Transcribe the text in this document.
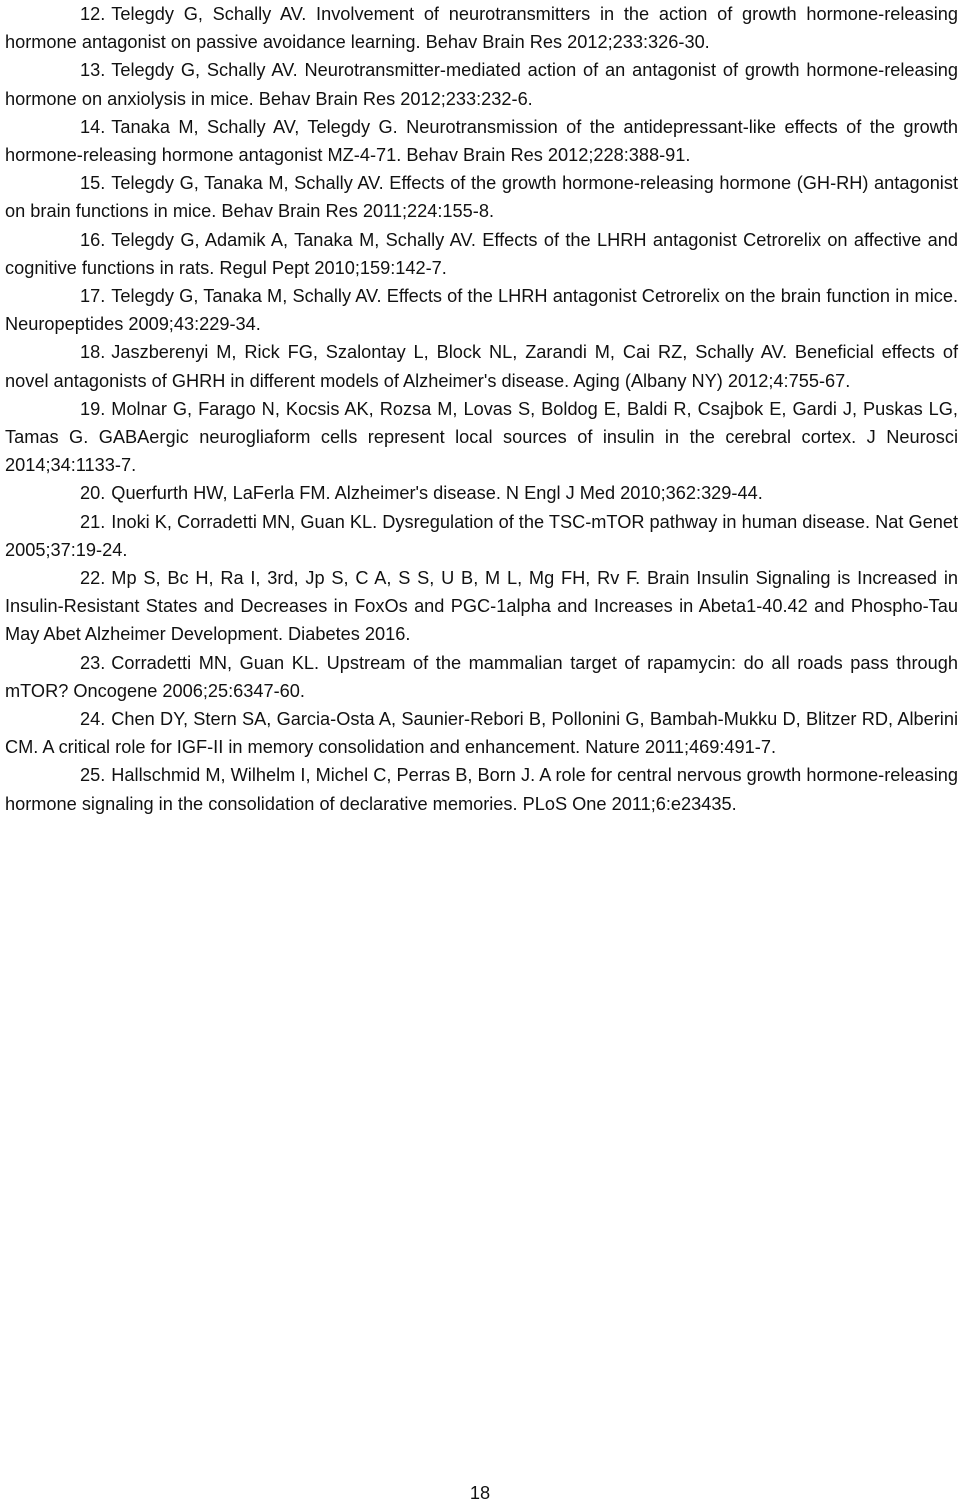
12. Telegdy G, Schally AV. Involvement of neurotransmitters in the action of growth hormone-releasing hormone antagonist on passive avoidance learning. Behav Brain Res 2012;233:326-30.
13. Telegdy G, Schally AV. Neurotransmitter-mediated action of an antagonist of growth hormone-releasing hormone on anxiolysis in mice. Behav Brain Res 2012;233:232-6.
14. Tanaka M, Schally AV, Telegdy G. Neurotransmission of the antidepressant-like effects of the growth hormone-releasing hormone antagonist MZ-4-71. Behav Brain Res 2012;228:388-91.
15. Telegdy G, Tanaka M, Schally AV. Effects of the growth hormone-releasing hormone (GH-RH) antagonist on brain functions in mice. Behav Brain Res 2011;224:155-8.
16. Telegdy G, Adamik A, Tanaka M, Schally AV. Effects of the LHRH antagonist Cetrorelix on affective and cognitive functions in rats. Regul Pept 2010;159:142-7.
17. Telegdy G, Tanaka M, Schally AV. Effects of the LHRH antagonist Cetrorelix on the brain function in mice. Neuropeptides 2009;43:229-34.
18. Jaszberenyi M, Rick FG, Szalontay L, Block NL, Zarandi M, Cai RZ, Schally AV. Beneficial effects of novel antagonists of GHRH in different models of Alzheimer's disease. Aging (Albany NY) 2012;4:755-67.
19. Molnar G, Farago N, Kocsis AK, Rozsa M, Lovas S, Boldog E, Baldi R, Csajbok E, Gardi J, Puskas LG, Tamas G. GABAergic neurogliaform cells represent local sources of insulin in the cerebral cortex. J Neurosci 2014;34:1133-7.
20. Querfurth HW, LaFerla FM. Alzheimer's disease. N Engl J Med 2010;362:329-44.
21. Inoki K, Corradetti MN, Guan KL. Dysregulation of the TSC-mTOR pathway in human disease. Nat Genet 2005;37:19-24.
22. Mp S, Bc H, Ra I, 3rd, Jp S, C A, S S, U B, M L, Mg FH, Rv F. Brain Insulin Signaling is Increased in Insulin-Resistant States and Decreases in FoxOs and PGC-1alpha and Increases in Abeta1-40.42 and Phospho-Tau May Abet Alzheimer Development. Diabetes 2016.
23. Corradetti MN, Guan KL. Upstream of the mammalian target of rapamycin: do all roads pass through mTOR? Oncogene 2006;25:6347-60.
24. Chen DY, Stern SA, Garcia-Osta A, Saunier-Rebori B, Pollonini G, Bambah-Mukku D, Blitzer RD, Alberini CM. A critical role for IGF-II in memory consolidation and enhancement. Nature 2011;469:491-7.
25. Hallschmid M, Wilhelm I, Michel C, Perras B, Born J. A role for central nervous growth hormone-releasing hormone signaling in the consolidation of declarative memories. PLoS One 2011;6:e23435.
18
